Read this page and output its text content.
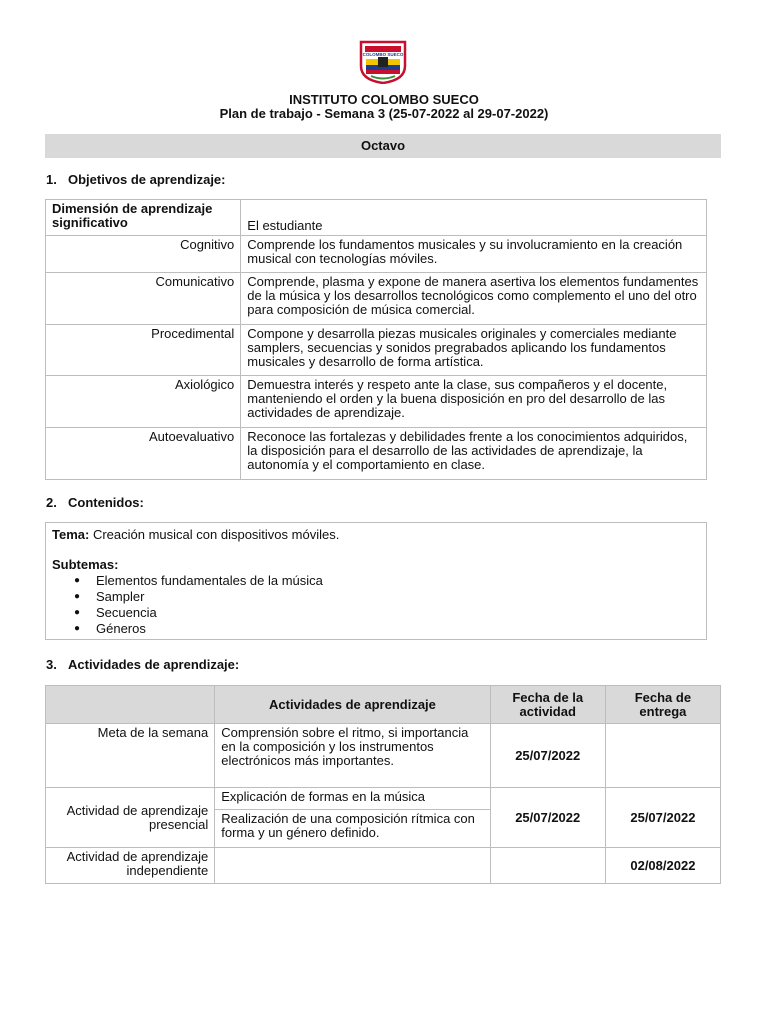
COLOMBO SUECO
INSTITUTO COLOMBO SUECO
Plan de trabajo - Semana 3 (25-07-2022 al 29-07-2022)
Octavo
1. Objetivos de aprendizaje:
Dimensión de aprendizaje significativo	El estudiante
Cognitivo	Comprende los fundamentos musicales y su involucramiento en la creación musical con tecnologías móviles.
Comunicativo	Comprende, plasma y expone de manera asertiva los elementos fundamentes de la música y los desarrollos tecnológicos como complemento el uno del otro para composición de música comercial.
Procedimental	Compone y desarrolla piezas musicales originales y comerciales mediante samplers, secuencias y sonidos pregrabados aplicando los fundamentos musicales y desarrollo de forma artística.
Axiológico	Demuestra interés y respeto ante la clase, sus compañeros y el docente, manteniendo el orden y la buena disposición en pro del desarrollo de las actividades de aprendizaje.
Autoevaluativo	Reconoce las fortalezas y debilidades frente a los conocimientos adquiridos, la disposición para el desarrollo de las actividades de aprendizaje, la autonomía y el comportamiento en clase.
2. Contenidos:

Tema: Creación musical con dispositivos móviles.

Subtemas:

● Elementos fundamentales de la música
● Sampler
● Secuencia
● Géneros
3. Actividades de aprendizaje:
	Actividades de aprendizaje	Fecha de la actividad	Fecha de entrega
Meta de la semana	Comprensión sobre el ritmo, si importancia en la composición y los instrumentos electrónicos más importantes.	25/07/2022	
Actividad de aprendizaje presencial	Explicación de formas en la música	25/07/2022	25/07/2022
	Realización de una composición rítmica con forma y un género definido.		
Actividad de aprendizaje independiente			02/08/2022
